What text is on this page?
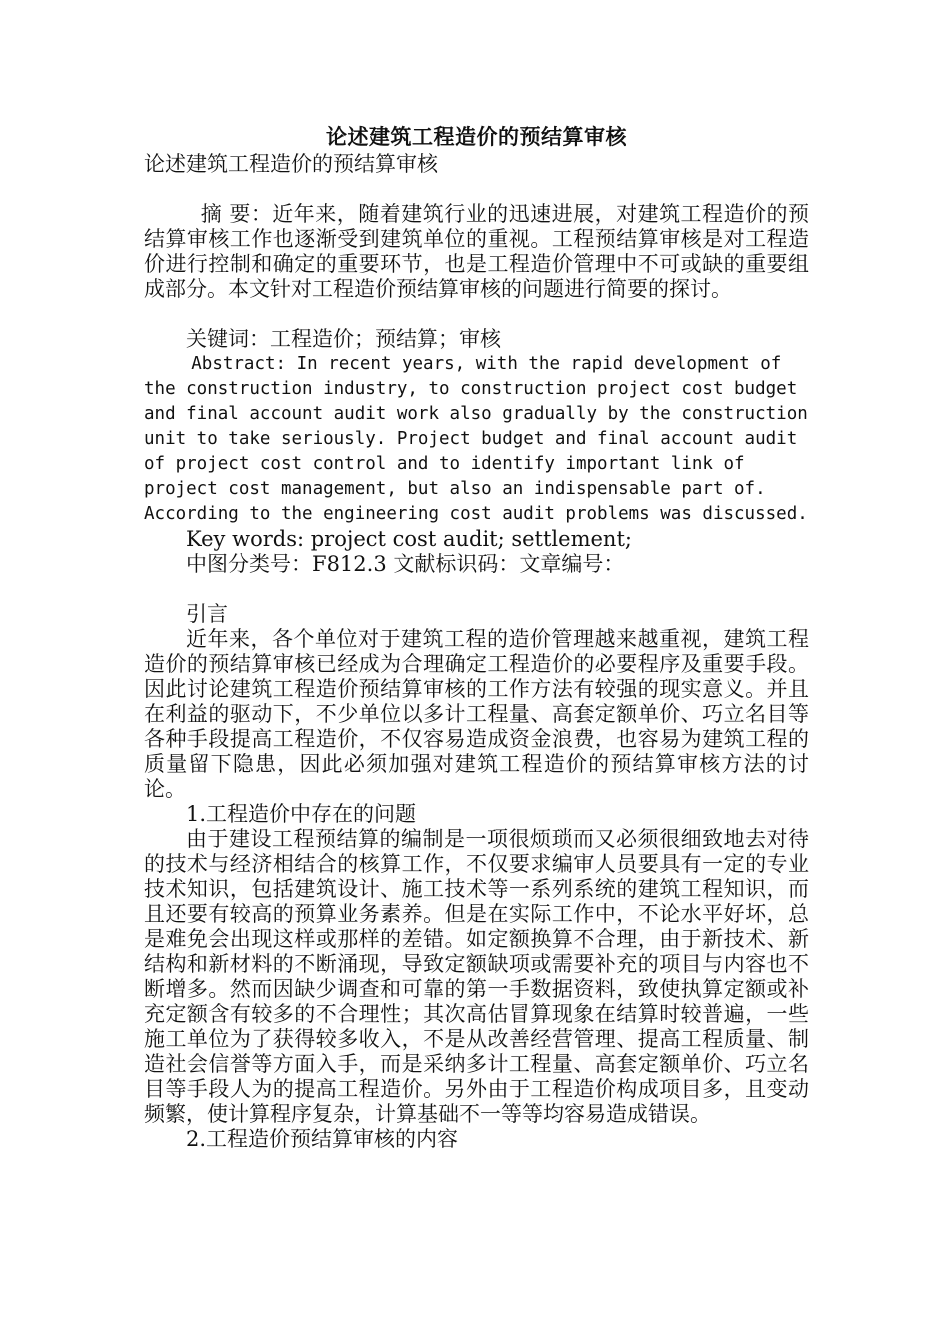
论述建筑工程造价的预结算审核

论述建筑工程造价的预结算审核

摘 要：近年来，随着建筑行业的迅速进展，对建筑工程造价的预结算审核工作也逐渐受到建筑单位的重视。工程预结算审核是对工程造价进行控制和确定的重要环节，也是工程造价管理中不可或缺的重要组成部分。本文针对工程造价预结算审核的问题进行简要的探讨。

关键词：工程造价；预结算；审核

Abstract: In recent years, with the rapid development of the construction industry, to construction project cost budget and final account audit work also gradually by the construction unit to take seriously. Project budget and final account audit of project cost control and to identify important link of project cost management, but also an indispensable part of. According to the engineering cost audit problems was discussed.

Key words: project cost audit; settlement;

中图分类号：F812.3 文献标识码：文章编号：

引言

近年来，各个单位对于建筑工程的造价管理越来越重视，建筑工程造价的预结算审核已经成为合理确定工程造价的必要程序及重要手段。因此讨论建筑工程造价预结算审核的工作方法有较强的现实意义。并且在利益的驱动下，不少单位以多计工程量、高套定额单价、巧立名目等各种手段提高工程造价，不仅容易造成资金浪费，也容易为建筑工程的质量留下隐患，因此必须加强对建筑工程造价的预结算审核方法的讨论。

1.工程造价中存在的问题

由于建设工程预结算的编制是一项很烦琐而又必须很细致地去对待的技术与经济相结合的核算工作，不仅要求编审人员要具有一定的专业技术知识，包括建筑设计、施工技术等一系列系统的建筑工程知识，而且还要有较高的预算业务素养。但是在实际工作中，不论水平好坏，总是难免会出现这样或那样的差错。如定额换算不合理，由于新技术、新结构和新材料的不断涌现，导致定额缺项或需要补充的项目与内容也不断增多。然而因缺少调查和可靠的第一手数据资料，致使执算定额或补充定额含有较多的不合理性；其次高估冒算现象在结算时较普遍，一些施工单位为了获得较多收入，不是从改善经营管理、提高工程质量、制造社会信誉等方面入手，而是采纳多计工程量、高套定额单价、巧立名目等手段人为的提高工程造价。另外由于工程造价构成项目多，且变动频繁，使计算程序复杂，计算基础不一等等均容易造成错误。

2.工程造价预结算审核的内容
